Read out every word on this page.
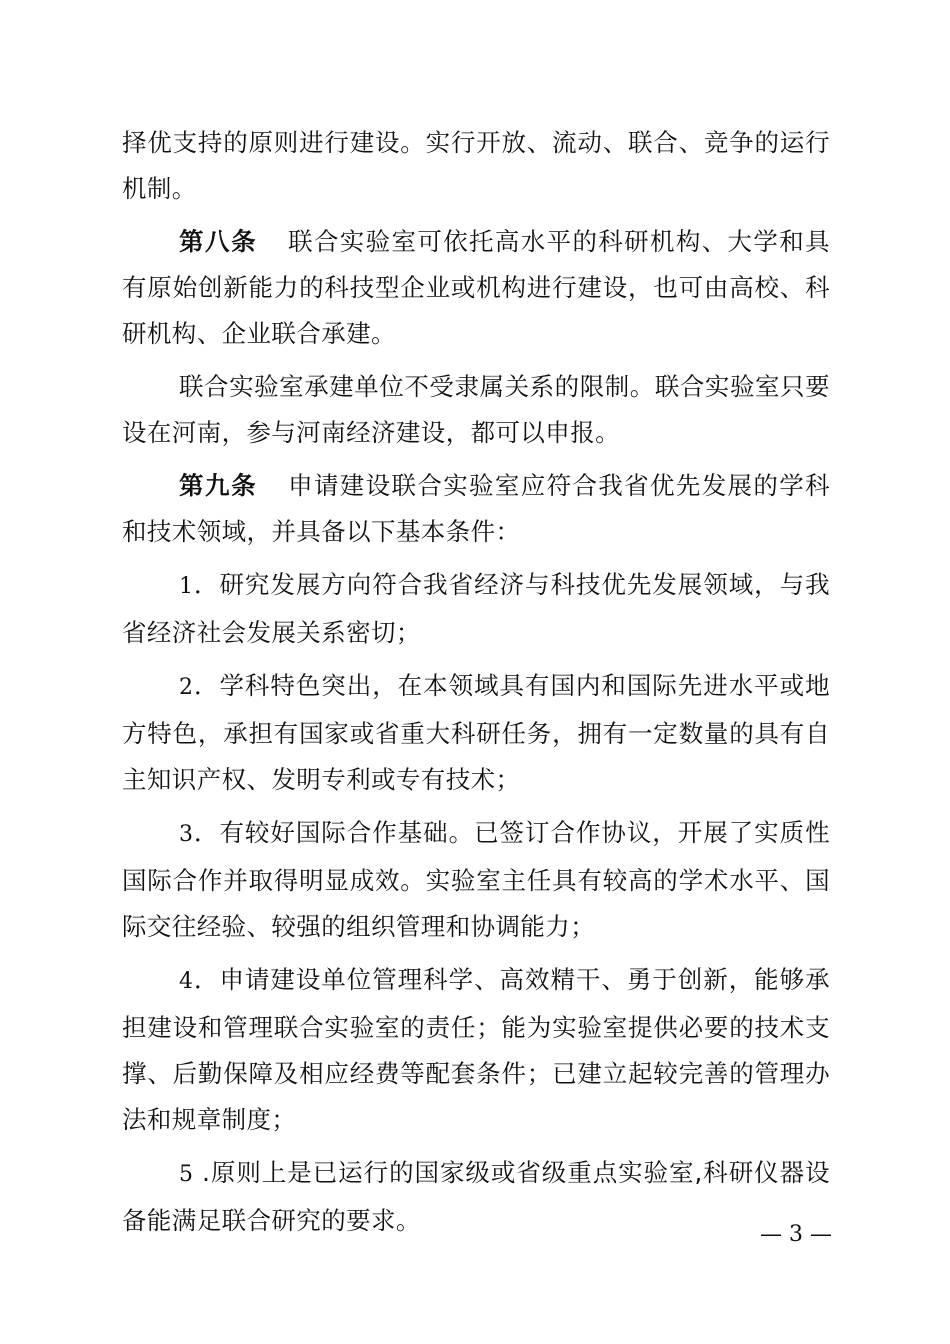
择优支持的原则进行建设。实行开放、流动、联合、竞争的运行机制。

第八条 联合实验室可依托高水平的科研机构、大学和具有原始创新能力的科技型企业或机构进行建设，也可由高校、科研机构、企业联合承建。

联合实验室承建单位不受隶属关系的限制。联合实验室只要设在河南，参与河南经济建设，都可以申报。

第九条 申请建设联合实验室应符合我省优先发展的学科和技术领域，并具备以下基本条件：

1．研究发展方向符合我省经济与科技优先发展领域，与我省经济社会发展关系密切；

2．学科特色突出，在本领域具有国内和国际先进水平或地方特色，承担有国家或省重大科研任务，拥有一定数量的具有自主知识产权、发明专利或专有技术；

3．有较好国际合作基础。已签订合作协议，开展了实质性国际合作并取得明显成效。实验室主任具有较高的学术水平、国际交往经验、较强的组织管理和协调能力；

4．申请建设单位管理科学、高效精干、勇于创新，能够承担建设和管理联合实验室的责任；能为实验室提供必要的技术支撑、后勤保障及相应经费等配套条件；已建立起较完善的管理办法和规章制度；

5 .原则上是已运行的国家级或省级重点实验室,科研仪器设备能满足联合研究的要求。	— 3 —
